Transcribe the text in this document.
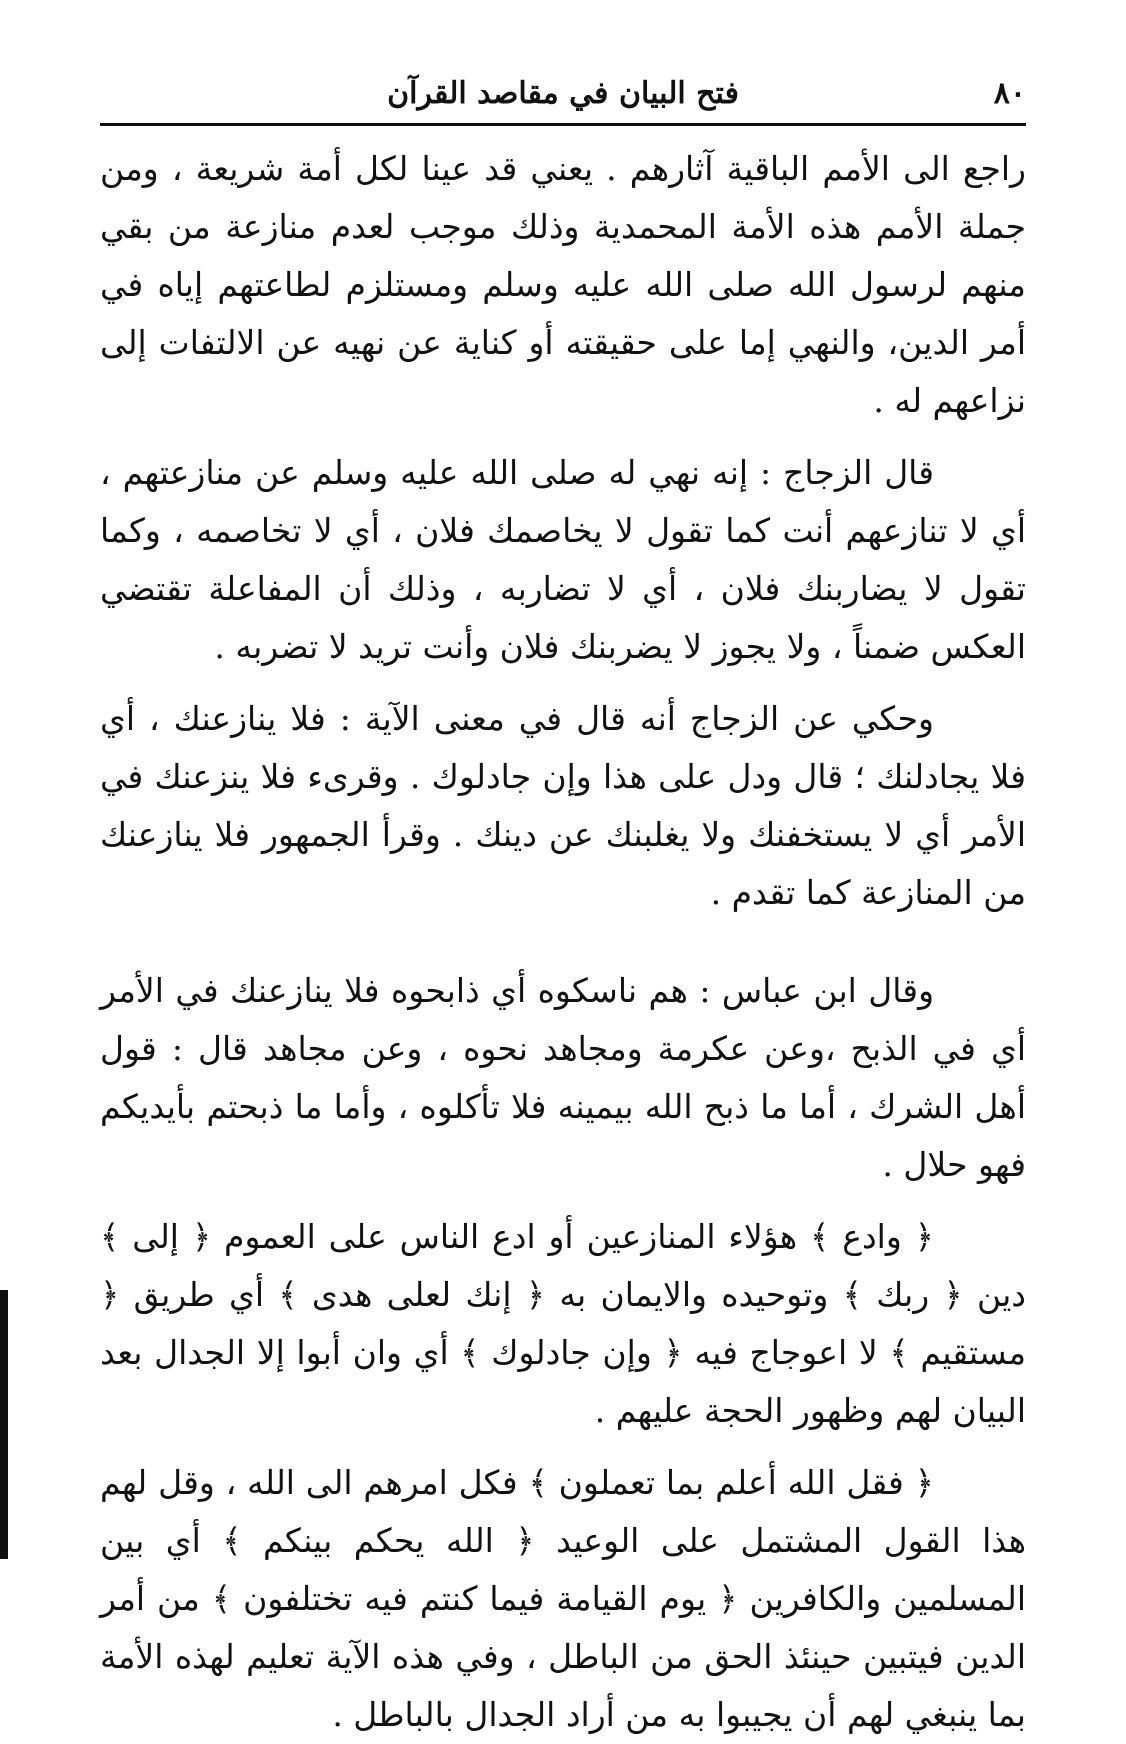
٨٠
فتح البيان في مقاصد القرآن

راجع الى الأمم الباقية آثارهم . يعني قد عينا لكل أمة شريعة ، ومن جملة الأمم هذه الأمة المحمدية وذلك موجب لعدم منازعة من بقي منهم لرسول الله صلى الله عليه وسلم ومستلزم لطاعتهم إياه في أمر الدين، والنهي إما على حقيقته أو كناية عن نهيه عن الالتفات إلى نزاعهم له .

قال الزجاج : إنه نهي له صلى الله عليه وسلم عن منازعتهم ، أي لا تنازعهم أنت كما تقول لا يخاصمك فلان ، أي لا تخاصمه ، وكما تقول لا يضاربنك فلان ، أي لا تضاربه ، وذلك أن المفاعلة تقتضي العكس ضمناً ، ولا يجوز لا يضربنك فلان وأنت تريد لا تضربه .

وحكي عن الزجاج أنه قال في معنى الآية : فلا ينازعنك ، أي فلا يجادلنك ؛ قال ودل على هذا وإن جادلوك . وقرىء فلا ينزعنك في الأمر أي لا يستخفنك ولا يغلبنك عن دينك . وقرأ الجمهور فلا ينازعنك من المنازعة كما تقدم .

وقال ابن عباس : هم ناسكوه أي ذابحوه فلا ينازعنك في الأمر أي في الذبح ،وعن عكرمة ومجاهد نحوه ، وعن مجاهد قال : قول أهل الشرك ، أما ما ذبح الله بيمينه فلا تأكلوه ، وأما ما ذبحتم بأيديكم فهو حلال .

﴿ وادع ﴾ هؤلاء المنازعين أو ادع الناس على العموم ﴿ إلى ﴾ دين ﴿ ربك ﴾ وتوحيده والايمان به ﴿ إنك لعلى هدى ﴾ أي طريق ﴿ مستقيم ﴾ لا اعوجاج فيه ﴿ وإن جادلوك ﴾ أي وان أبوا إلا الجدال بعد البيان لهم وظهور الحجة عليهم .

﴿ فقل الله أعلم بما تعملون ﴾ فكل امرهم الى الله ، وقل لهم هذا القول المشتمل على الوعيد ﴿ الله يحكم بينكم ﴾ أي بين المسلمين والكافرين ﴿ يوم القيامة فيما كنتم فيه تختلفون ﴾ من أمر الدين فيتبين حينئذ الحق من الباطل ، وفي هذه الآية تعليم لهذه الأمة بما ينبغي لهم أن يجيبوا به من أراد الجدال بالباطل .
